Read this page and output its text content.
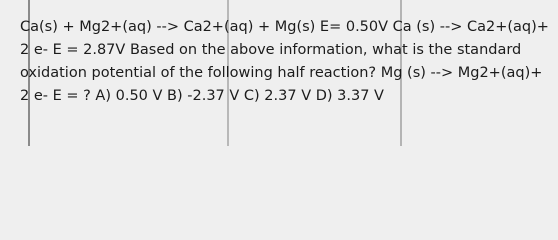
Ca(s) + Mg2+(aq) --> Ca2+(aq) + Mg(s) E= 0.50V Ca (s) --> Ca2+(aq)+ 2 e- E = 2.87V Based on the above information, what is the standard oxidation potential of the following half reaction? Mg (s) --> Mg2+(aq)+ 2 e- E = ? A) 0.50 V B) -2.37 V C) 2.37 V D) 3.37 V
